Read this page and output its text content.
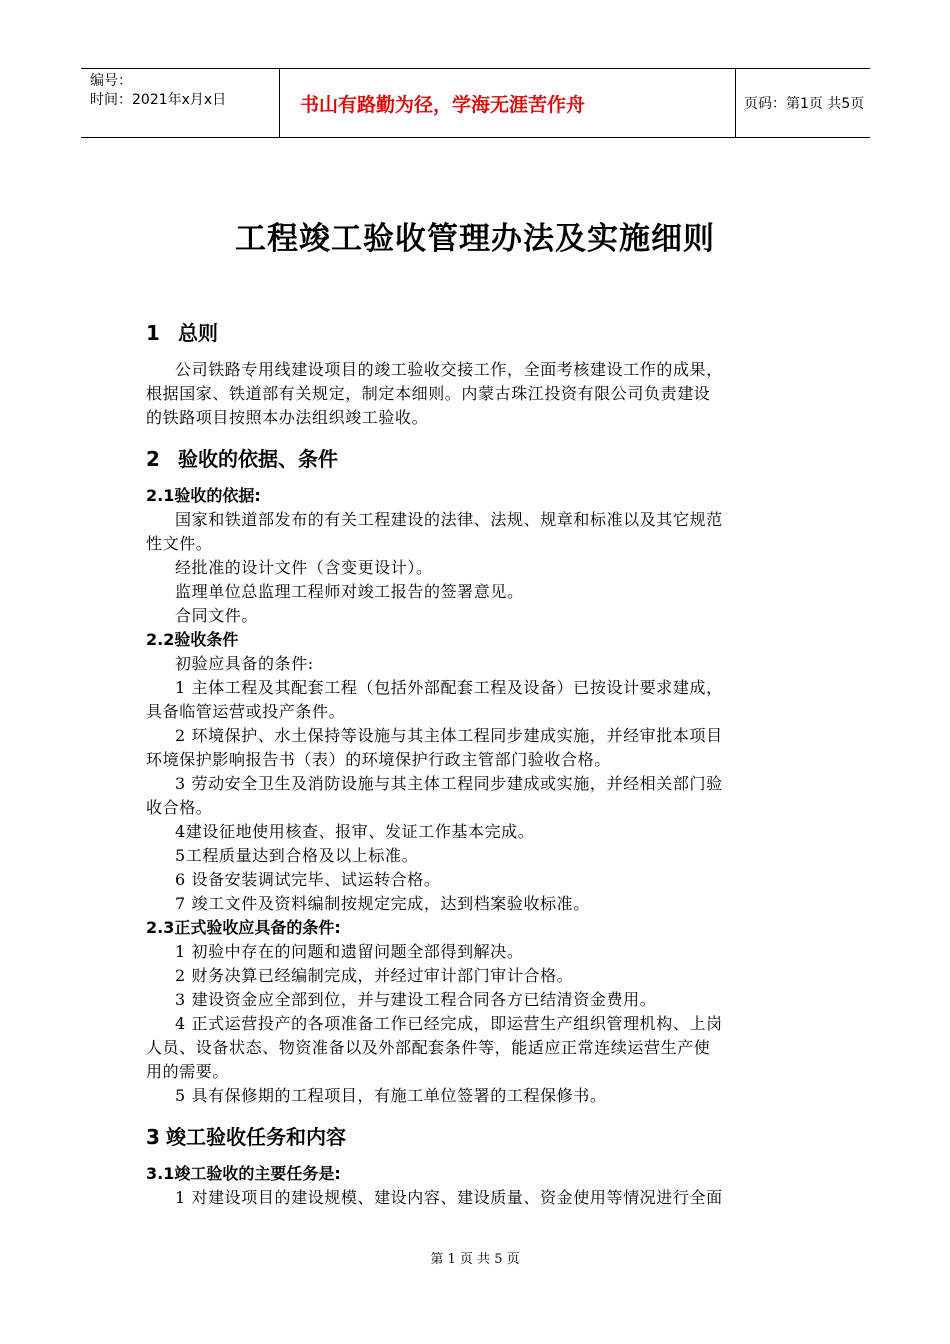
编号：
时间：2021年x月x日	书山有路勤为径，学海无涯苦作舟	页码：第1页 共5页
工程竣工验收管理办法及实施细则
1 总则
公司铁路专用线建设项目的竣工验收交接工作，全面考核建设工作的成果，
根据国家、铁道部有关规定，制定本细则。内蒙古珠江投资有限公司负责建设
的铁路项目按照本办法组织竣工验收。
2 验收的依据、条件
2.1验收的依据:
国家和铁道部发布的有关工程建设的法律、法规、规章和标准以及其它规范
性文件。
经批准的设计文件（含变更设计）。
监理单位总监理工程师对竣工报告的签署意见。
合同文件。
2.2验收条件
初验应具备的条件:
1 主体工程及其配套工程（包括外部配套工程及设备）已按设计要求建成，
具备临管运营或投产条件。
2 环境保护、水土保持等设施与其主体工程同步建成实施，并经审批本项目
环境保护影响报告书（表）的环境保护行政主管部门验收合格。
3 劳动安全卫生及消防设施与其主体工程同步建成或实施，并经相关部门验
收合格。
4建设征地使用核查、报审、发证工作基本完成。
5工程质量达到合格及以上标准。
6 设备安装调试完毕、试运转合格。
7 竣工文件及资料编制按规定完成，达到档案验收标准。
2.3正式验收应具备的条件:
1 初验中存在的问题和遗留问题全部得到解决。
2 财务决算已经编制完成，并经过审计部门审计合格。
3 建设资金应全部到位，并与建设工程合同各方已结清资金费用。
4 正式运营投产的各项准备工作已经完成，即运营生产组织管理机构、上岗
人员、设备状态、物资准备以及外部配套条件等，能适应正常连续运营生产使
用的需要。
5 具有保修期的工程项目，有施工单位签署的工程保修书。
3 竣工验收任务和内容
3.1竣工验收的主要任务是:
1 对建设项目的建设规模、建设内容、建设质量、资金使用等情况进行全面
第 1 页 共 5 页
